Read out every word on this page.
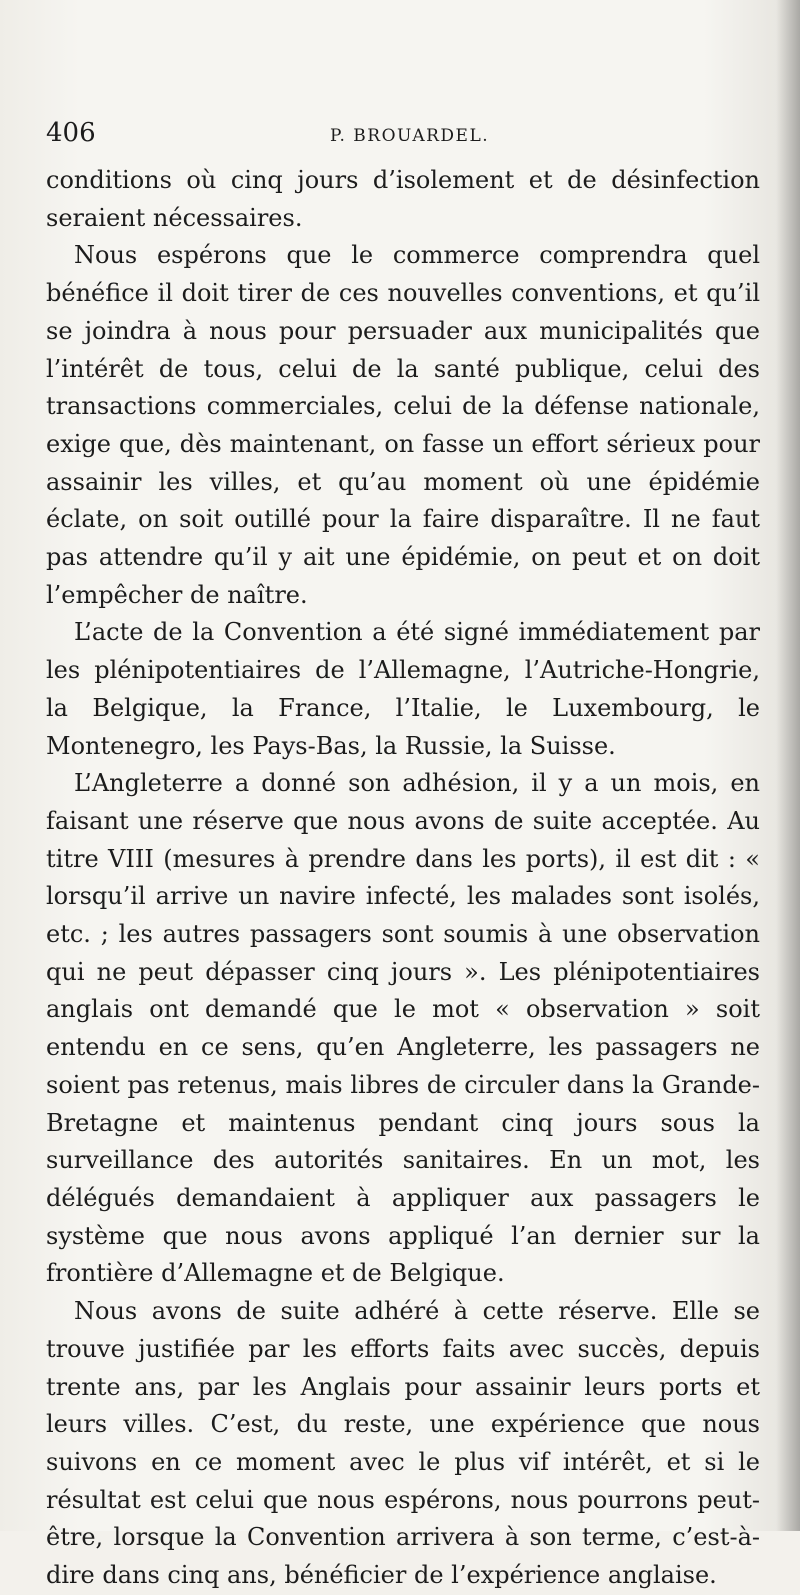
406	P. BROUARDEL.

conditions où cinq jours d’isolement et de désinfection seraient nécessaires.

Nous espérons que le commerce comprendra quel bénéfice il doit tirer de ces nouvelles conventions, et qu’il se joindra à nous pour persuader aux municipalités que l’intérêt de tous, celui de la santé publique, celui des transactions commerciales, celui de la défense nationale, exige que, dès maintenant, on fasse un effort sérieux pour assainir les villes, et qu’au moment où une épidémie éclate, on soit outillé pour la faire disparaître. Il ne faut pas attendre qu’il y ait une épidémie, on peut et on doit l’empêcher de naître.

L’acte de la Convention a été signé immédiatement par les plénipotentiaires de l’Allemagne, l’Autriche-Hongrie, la Belgique, la France, l’Italie, le Luxembourg, le Montenegro, les Pays-Bas, la Russie, la Suisse.

L’Angleterre a donné son adhésion, il y a un mois, en faisant une réserve que nous avons de suite acceptée. Au titre VIII (mesures à prendre dans les ports), il est dit : « lorsqu’il arrive un navire infecté, les malades sont isolés, etc. ; les autres passagers sont soumis à une observation qui ne peut dépasser cinq jours ». Les plénipotentiaires anglais ont demandé que le mot « observation » soit entendu en ce sens, qu’en Angleterre, les passagers ne soient pas retenus, mais libres de circuler dans la Grande-Bretagne et maintenus pendant cinq jours sous la surveillance des autorités sanitaires. En un mot, les délégués demandaient à appliquer aux passagers le système que nous avons appliqué l’an dernier sur la frontière d’Allemagne et de Belgique.

Nous avons de suite adhéré à cette réserve. Elle se trouve justifiée par les efforts faits avec succès, depuis trente ans, par les Anglais pour assainir leurs ports et leurs villes. C’est, du reste, une expérience que nous suivons en ce moment avec le plus vif intérêt, et si le résultat est celui que nous espérons, nous pourrons peut-être, lorsque la Convention arrivera à son terme, c’est-à-dire dans cinq ans, bénéficier de l’expérience anglaise.
